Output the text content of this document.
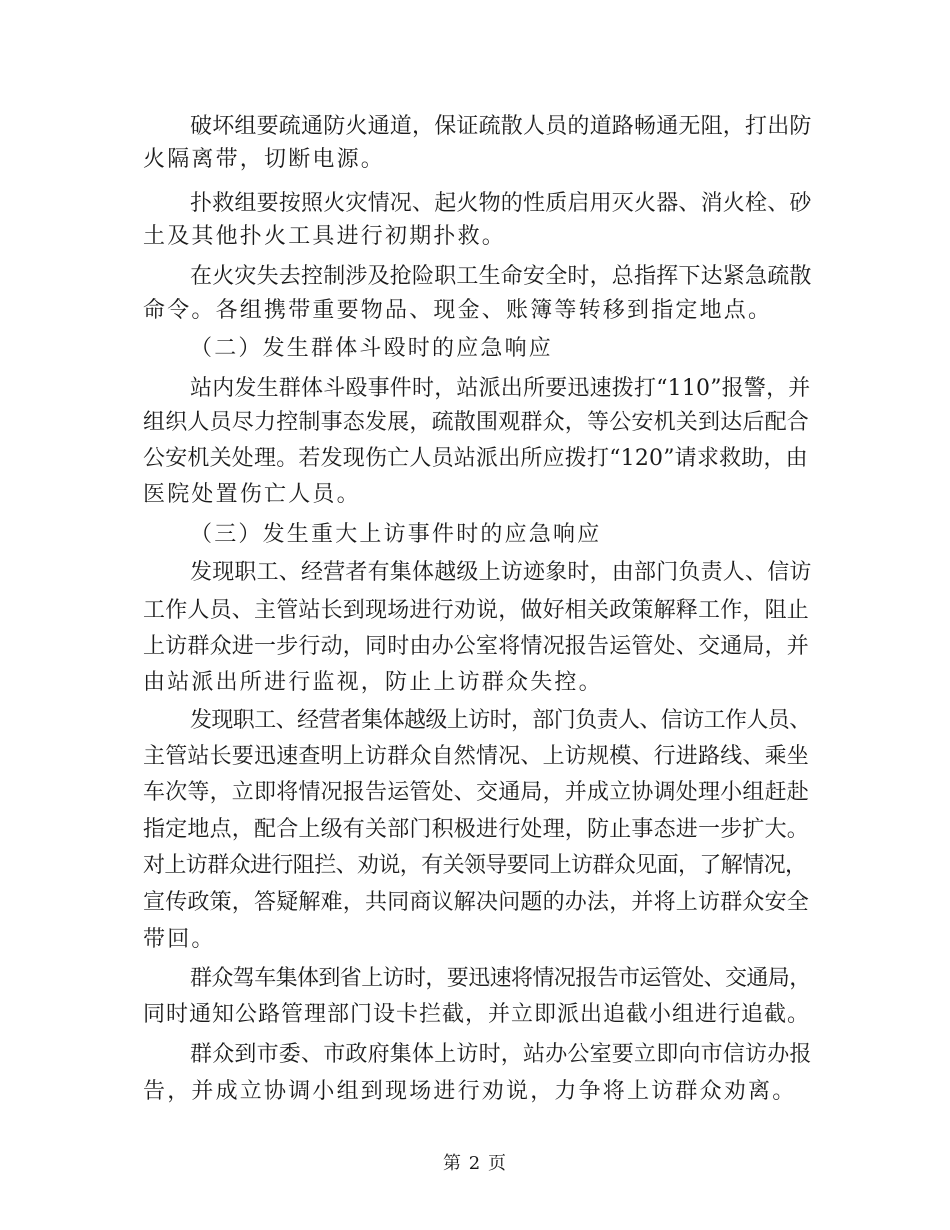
破坏组要疏通防火通道，保证疏散人员的道路畅通无阻，打出防
火隔离带，切断电源。
扑救组要按照火灾情况、起火物的性质启用灭火器、消火栓、砂
土及其他扑火工具进行初期扑救。
在火灾失去控制涉及抢险职工生命安全时，总指挥下达紧急疏散
命令。各组携带重要物品、现金、账簿等转移到指定地点。
（二）发生群体斗殴时的应急响应
站内发生群体斗殴事件时，站派出所要迅速拨打“110”报警，并
组织人员尽力控制事态发展，疏散围观群众，等公安机关到达后配合
公安机关处理。若发现伤亡人员站派出所应拨打“120”请求救助，由
医院处置伤亡人员。
（三）发生重大上访事件时的应急响应
发现职工、经营者有集体越级上访迹象时，由部门负责人、信访
工作人员、主管站长到现场进行劝说，做好相关政策解释工作，阻止
上访群众进一步行动，同时由办公室将情况报告运管处、交通局，并
由站派出所进行监视，防止上访群众失控。
发现职工、经营者集体越级上访时，部门负责人、信访工作人员、
主管站长要迅速查明上访群众自然情况、上访规模、行进路线、乘坐
车次等，立即将情况报告运管处、交通局，并成立协调处理小组赶赴
指定地点，配合上级有关部门积极进行处理，防止事态进一步扩大。
对上访群众进行阻拦、劝说，有关领导要同上访群众见面，了解情况，
宣传政策，答疑解难，共同商议解决问题的办法，并将上访群众安全
带回。
群众驾车集体到省上访时，要迅速将情况报告市运管处、交通局，
同时通知公路管理部门设卡拦截，并立即派出追截小组进行追截。
群众到市委、市政府集体上访时，站办公室要立即向市信访办报
告，并成立协调小组到现场进行劝说，力争将上访群众劝离。
第 2 页
